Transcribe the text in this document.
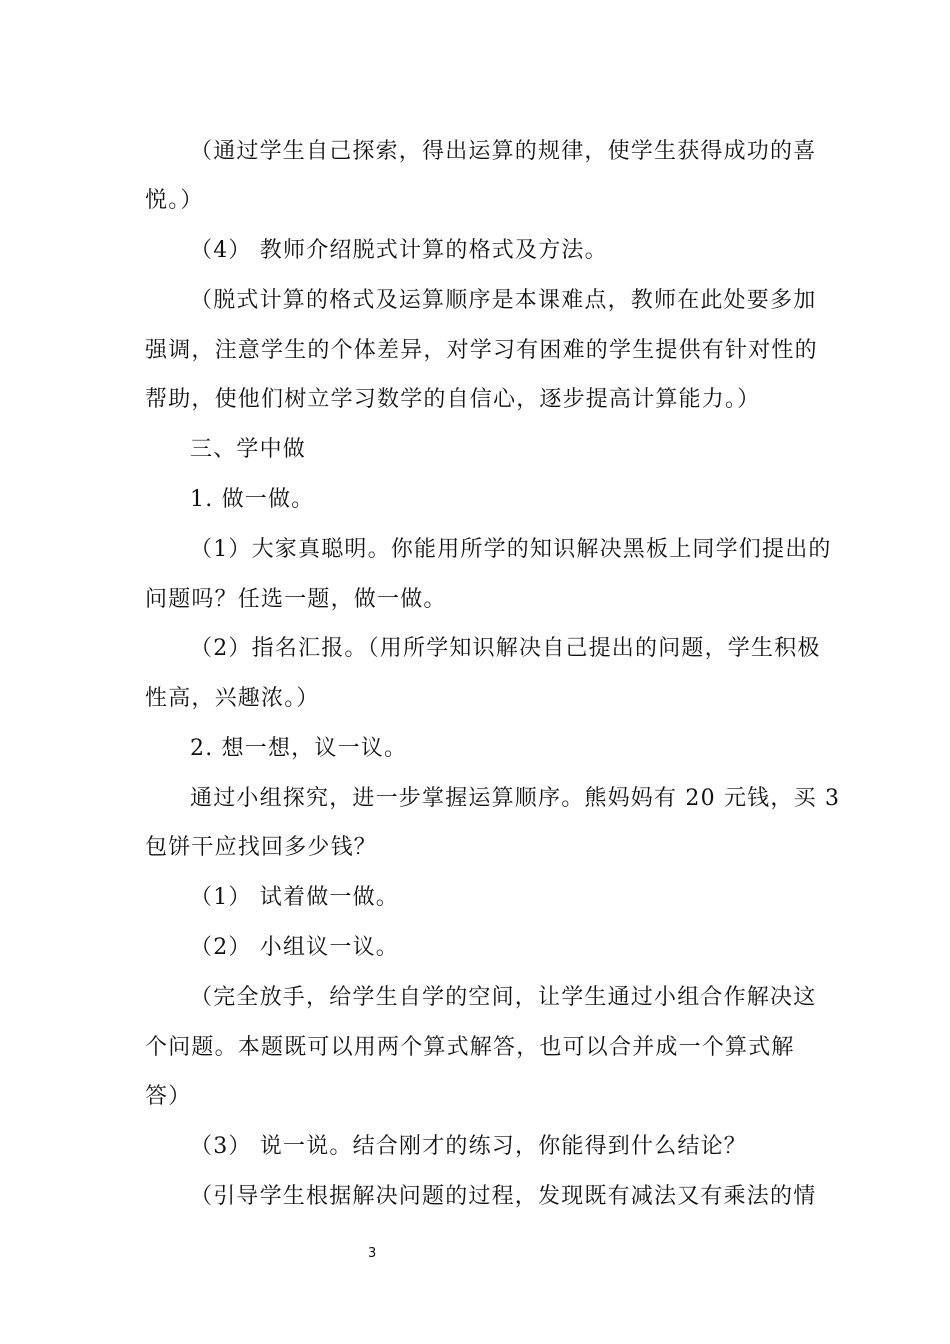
（通过学生自己探索，得出运算的规律，使学生获得成功的喜
悦。）
（4） 教师介绍脱式计算的格式及方法。
（脱式计算的格式及运算顺序是本课难点，教师在此处要多加
强调，注意学生的个体差异，对学习有困难的学生提供有针对性的
帮助，使他们树立学习数学的自信心，逐步提高计算能力。）
三、学中做
1. 做一做。
（1）大家真聪明。你能用所学的知识解决黑板上同学们提出的
问题吗？任选一题，做一做。
（2）指名汇报。（用所学知识解决自己提出的问题，学生积极
性高，兴趣浓。）
2. 想一想，议一议。
通过小组探究，进一步掌握运算顺序。熊妈妈有 20 元钱，买 3
包饼干应找回多少钱？
（1） 试着做一做。
（2） 小组议一议。
（完全放手，给学生自学的空间，让学生通过小组合作解决这
个问题。本题既可以用两个算式解答，也可以合并成一个算式解
答）
（3） 说一说。结合刚才的练习，你能得到什么结论？
（引导学生根据解决问题的过程，发现既有减法又有乘法的情
3
